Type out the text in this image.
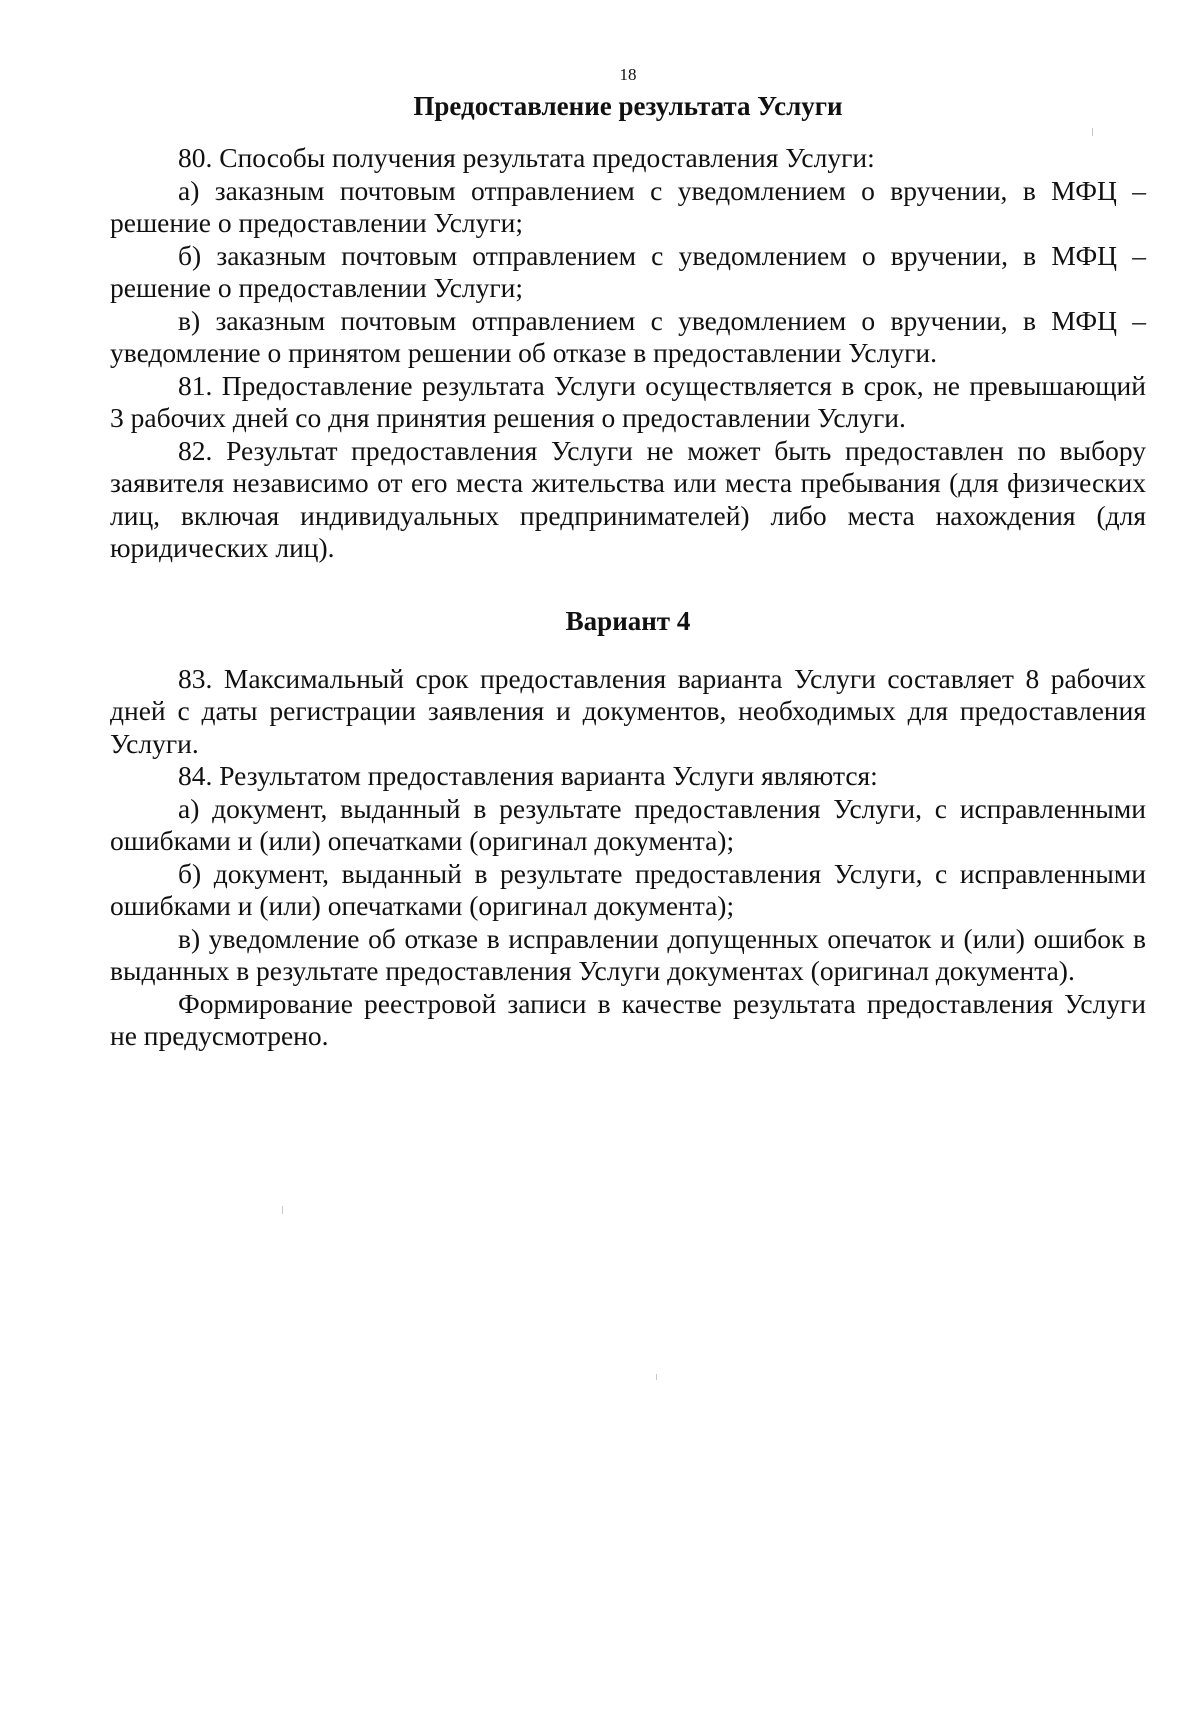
18
Предоставление результата Услуги

80. Способы получения результата предоставления Услуги:

а) заказным почтовым отправлением с уведомлением о вручении, в МФЦ – решение о предоставлении Услуги;

б) заказным почтовым отправлением с уведомлением о вручении, в МФЦ – решение о предоставлении Услуги;

в) заказным почтовым отправлением с уведомлением о вручении, в МФЦ – уведомление о принятом решении об отказе в предоставлении Услуги.

81. Предоставление результата Услуги осуществляется в срок, не превышающий 3 рабочих дней со дня принятия решения о предоставлении Услуги.

82. Результат предоставления Услуги не может быть предоставлен по выбору заявителя независимо от его места жительства или места пребывания (для физических лиц, включая индивидуальных предпринимателей) либо места нахождения (для юридических лиц).

Вариант 4

83. Максимальный срок предоставления варианта Услуги составляет 8 рабочих дней с даты регистрации заявления и документов, необходимых для предоставления Услуги.

84. Результатом предоставления варианта Услуги являются:

а) документ, выданный в результате предоставления Услуги, с исправленными ошибками и (или) опечатками (оригинал документа);

б) документ, выданный в результате предоставления Услуги, с исправленными ошибками и (или) опечатками (оригинал документа);

в) уведомление об отказе в исправлении допущенных опечаток и (или) ошибок в выданных в результате предоставления Услуги документах (оригинал документа).

Формирование реестровой записи в качестве результата предоставления Услуги не предусмотрено.
